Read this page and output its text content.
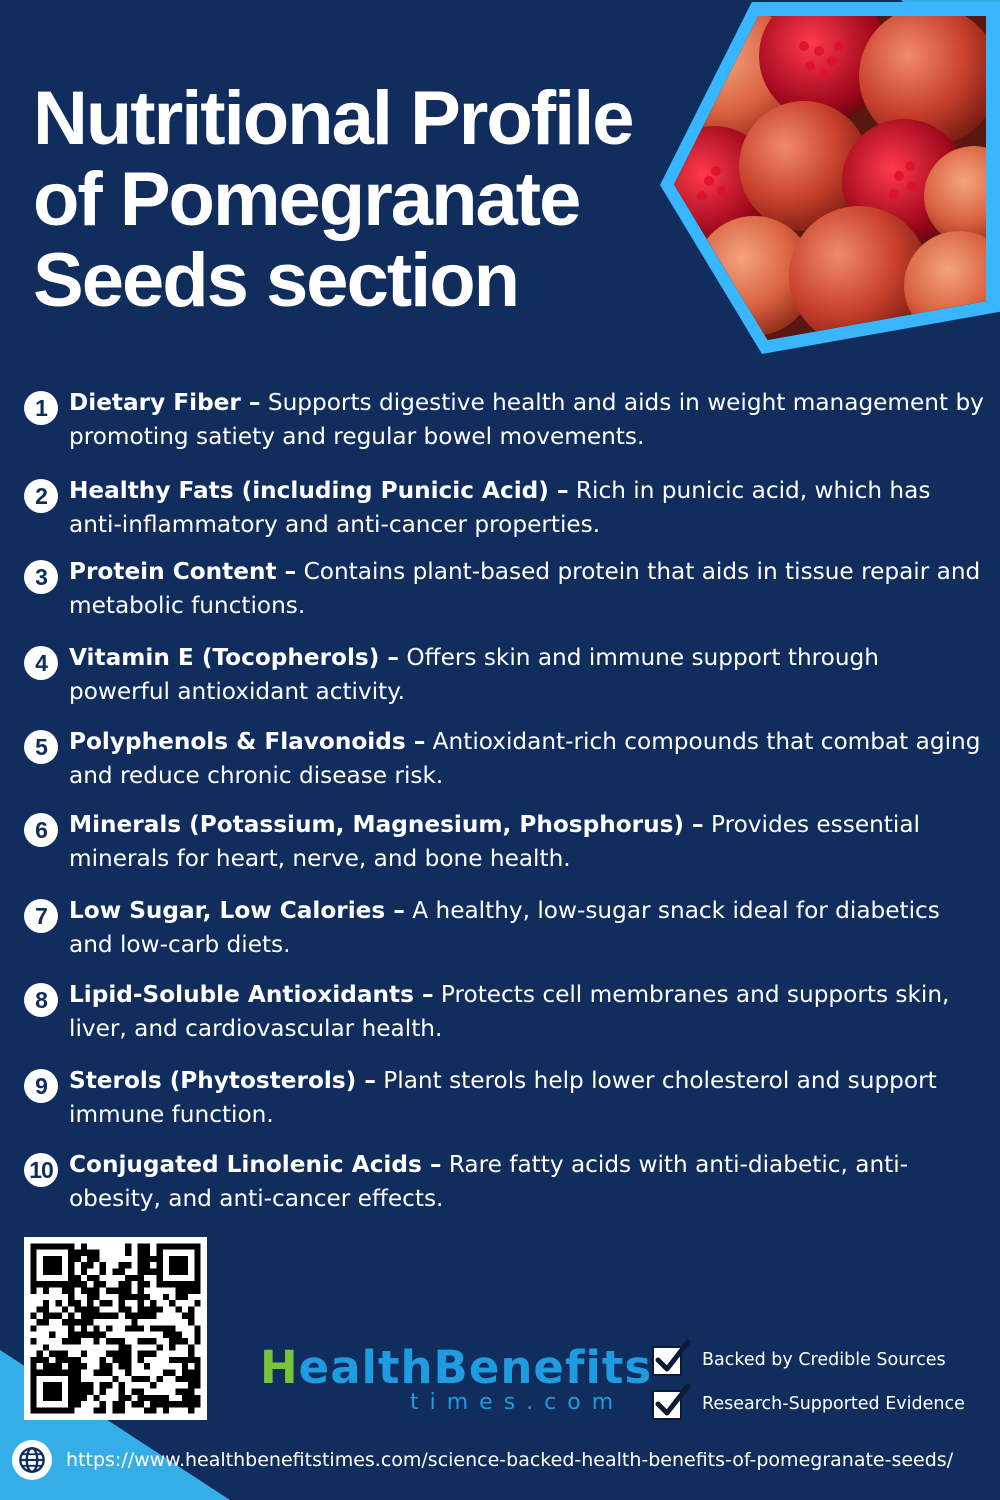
Nutritional Profile
of Pomegranate
Seeds section
1 Dietary Fiber – Supports digestive health and aids in weight management by promoting satiety and regular bowel movements.

2 Healthy Fats (including Punicic Acid) – Rich in punicic acid, which has anti-inflammatory and anti-cancer properties.

3 Protein Content – Contains plant-based protein that aids in tissue repair and metabolic functions.

4 Vitamin E (Tocopherols) – Offers skin and immune support through powerful antioxidant activity.

5 Polyphenols & Flavonoids – Antioxidant-rich compounds that combat aging and reduce chronic disease risk.

6 Minerals (Potassium, Magnesium, Phosphorus) – Provides essential minerals for heart, nerve, and bone health.

7 Low Sugar, Low Calories – A healthy, low-sugar snack ideal for diabetics and low-carb diets.

8 Lipid-Soluble Antioxidants – Protects cell membranes and supports skin, liver, and cardiovascular health.

9 Sterols (Phytosterols) – Plant sterols help lower cholesterol and support immune function.

10 Conjugated Linolenic Acids – Rare fatty acids with anti-diabetic, anti-obesity, and anti-cancer effects.

HealthBenefits
times.com
Backed by Credible Sources
Research-Supported Evidence
https://www.healthbenefitstimes.com/science-backed-health-benefits-of-pomegranate-seeds/
